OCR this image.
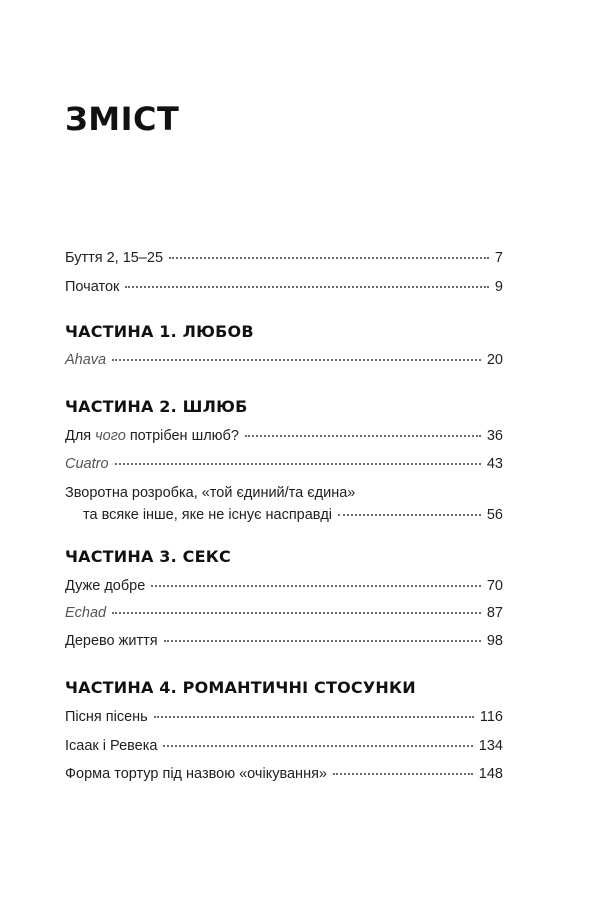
ЗМІСТ
Буття 2, 15–25	7
Початок	9
ЧАСТИНА 1. ЛЮБОВ
Ahava	20
ЧАСТИНА 2. ШЛЮБ
Для чого потрібен шлюб?	36
Cuatro	43
Зворотна розробка, «той єдиний/та єдина»
та всяке інше, яке не існує насправді	56
ЧАСТИНА 3. СЕКС
Дуже добре	70
Echad	87
Дерево життя	98
ЧАСТИНА 4. РОМАНТИЧНІ СТОСУНКИ
Пісня пісень	116
Ісаак і Ревека	134
Форма тортур під назвою «очікування»	148
